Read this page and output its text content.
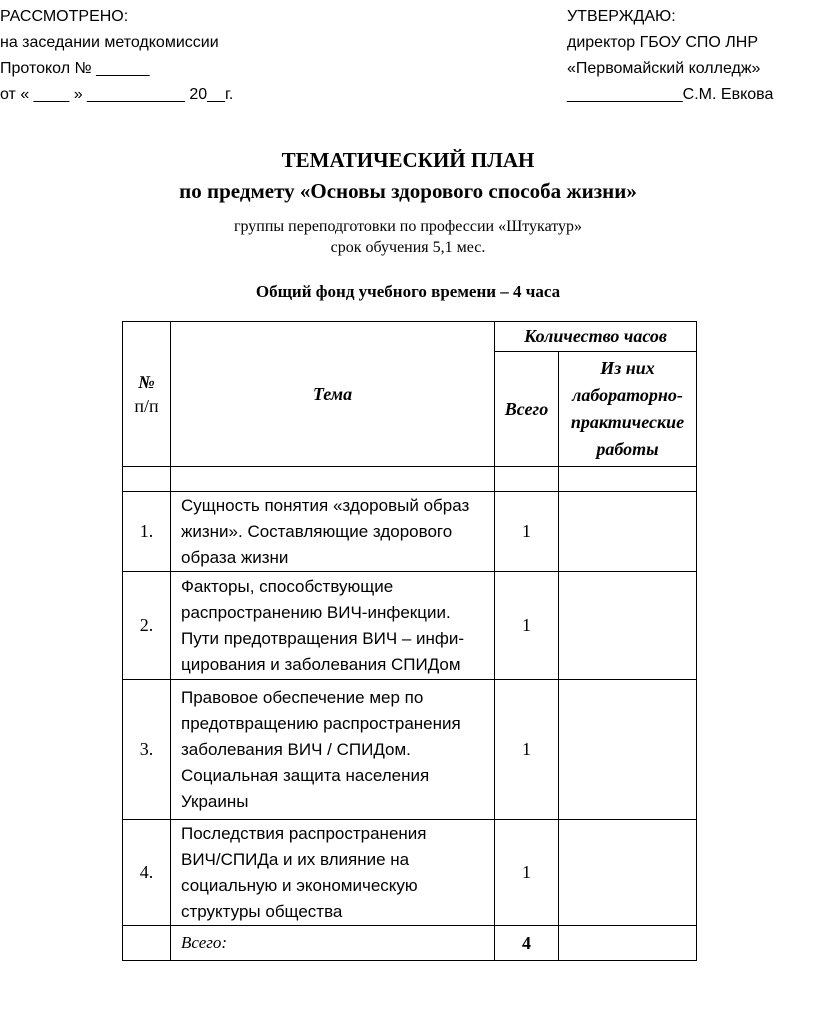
РАССМОТРЕНО:
на заседании методкомиссии
Протокол № ______
от « ____ » ___________ 20__г.
УТВЕРЖДАЮ:
директор ГБОУ СПО ЛНР
«Первомайский колледж»
_____________С.М. Евкова
ТЕМАТИЧЕСКИЙ ПЛАН
по предмету «Основы здорового способа жизни»
группы переподготовки по профессии «Штукатур»
срок обучения 5,1 мес.
Общий фонд учебного времени – 4 часа
№
п/п	Тема	Количество часов	
		Всего	Из них
лабораторно-
практические
работы

1.	Сущность понятия «здоровый образ
жизни». Составляющие здорового
образа жизни	1	
2.	Факторы, способствующие
распространению ВИЧ-инфекции.
Пути предотвращения ВИЧ – инфи-
цирования и заболевания СПИДом	1	
3.	Правовое обеспечение мер по
предотвращению распространения
заболевания ВИЧ / СПИДом.
Социальная защита населения
Украины	1	
4.	Последствия распространения
ВИЧ/СПИДа и их влияние на
социальную и экономическую
структуры общества	1	
	Всего:	4	
